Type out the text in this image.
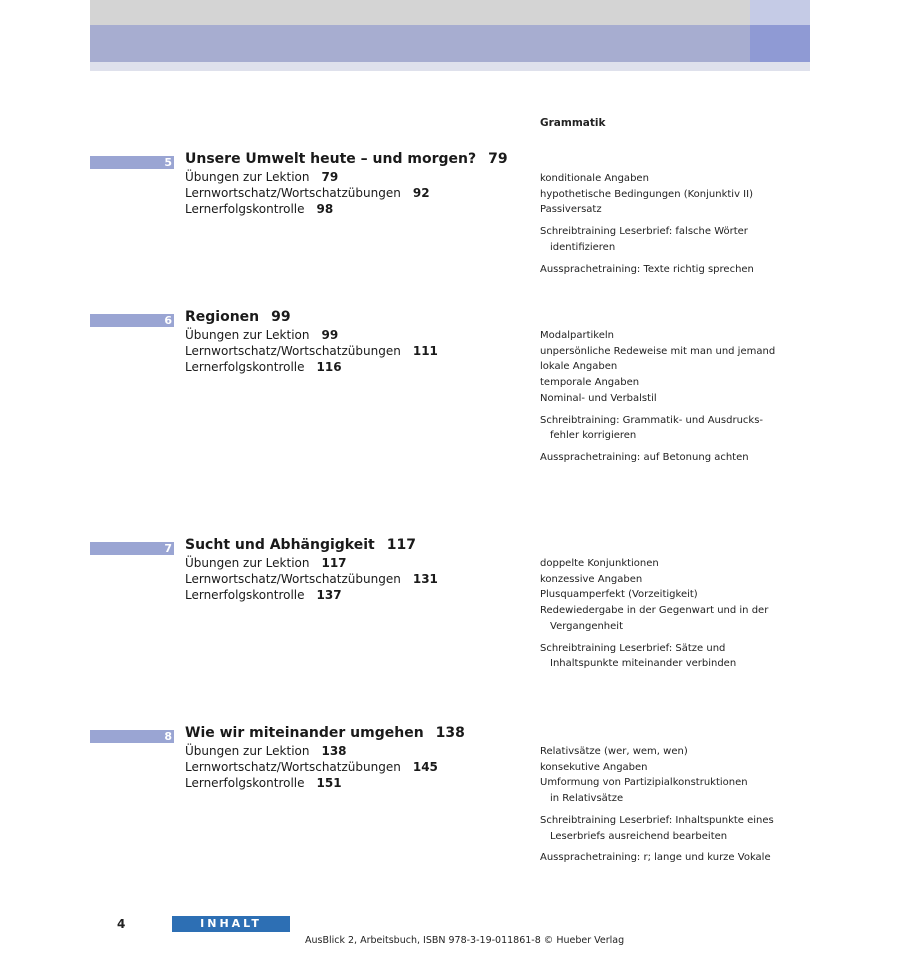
Grammatik
5 Unsere Umwelt heute – und morgen? 79
Übungen zur Lektion 79
Lernwortschatz/Wortschatzübungen 92
Lernerfolgskontrolle 98
konditionale Angaben
hypothetische Bedingungen (Konjunktiv II)
Passiversatz
Schreibtraining Leserbrief: falsche Wörter
identifizieren
Aussprachetraining: Texte richtig sprechen
6 Regionen 99
Übungen zur Lektion 99
Lernwortschatz/Wortschatzübungen 111
Lernerfolgskontrolle 116
Modalpartikeln
unpersönliche Redeweise mit man und jemand
lokale Angaben
temporale Angaben
Nominal- und Verbalstil
Schreibtraining: Grammatik- und Ausdrucks-
fehler korrigieren
Aussprachetraining: auf Betonung achten
7 Sucht und Abhängigkeit 117
Übungen zur Lektion 117
Lernwortschatz/Wortschatzübungen 131
Lernerfolgskontrolle 137
doppelte Konjunktionen
konzessive Angaben
Plusquamperfekt (Vorzeitigkeit)
Redewiedergabe in der Gegenwart und in der
Vergangenheit
Schreibtraining Leserbrief: Sätze und
Inhaltspunkte miteinander verbinden
8 Wie wir miteinander umgehen 138
Übungen zur Lektion 138
Lernwortschatz/Wortschatzübungen 145
Lernerfolgskontrolle 151
Relativsätze (wer, wem, wen)
konsekutive Angaben
Umformung von Partizipialkonstruktionen
in Relativsätze
Schreibtraining Leserbrief: Inhaltspunkte eines
Leserbriefs ausreichend bearbeiten
Aussprachetraining: r; lange und kurze Vokale
4	INHALT
AusBlick 2, Arbeitsbuch, ISBN 978-3-19-011861-8 © Hueber Verlag
